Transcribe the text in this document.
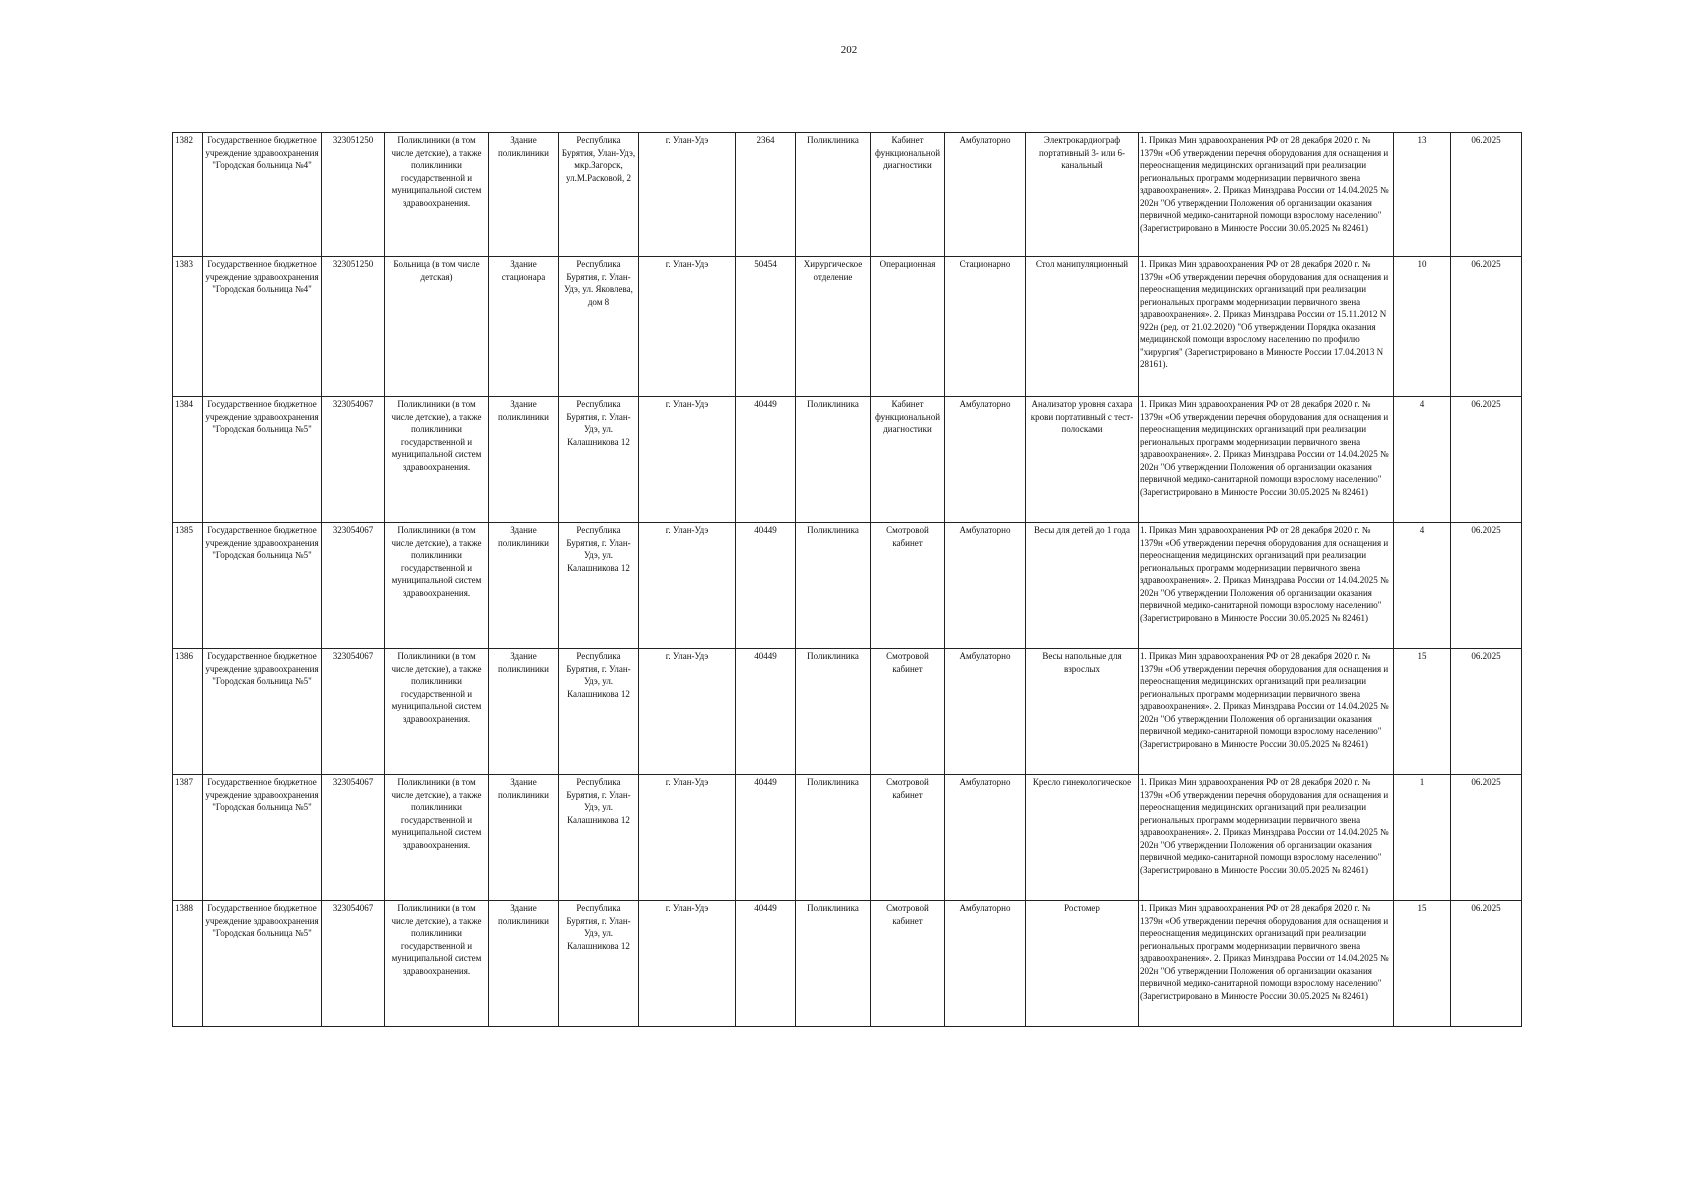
202
1382	Государственное бюджетное учреждение здравоохранения "Городская больница №4"	323051250	Поликлиники (в том числе детские), а также поликлиники государственной и муниципальной систем здравоохранения.	Здание поликлиники	Республика Бурятия, Улан-Удэ, мкр.Загорск, ул.М.Расковой, 2	г. Улан-Удэ	2364	Поликлиника	Кабинет функциональной диагностики	Амбулаторно	Электрокардиограф портативный 3- или 6-канальный	1. Приказ Мин здравоохранения РФ от 28 декабря 2020 г. № 1379н «Об утверждении перечня оборудования для оснащения и переоснащения медицинских организаций при реализации региональных программ модернизации первичного звена здравоохранения». 2. Приказ Минздрава России от 14.04.2025 № 202н "Об утверждении Положения об организации оказания первичной медико-санитарной помощи взрослому населению" (Зарегистрировано в Минюсте России 30.05.2025 № 82461)	13	06.2025
1383	Государственное бюджетное учреждение здравоохранения "Городская больница №4"	323051250	Больница (в том числе детская)	Здание стационара	Республика Бурятия, г. Улан-Удэ, ул. Яковлева, дом 8	г. Улан-Удэ	50454	Хирургическое отделение	Операционная	Стационарно	Стол манипуляционный	1. Приказ Мин здравоохранения РФ от 28 декабря 2020 г. № 1379н «Об утверждении перечня оборудования для оснащения и переоснащения медицинских организаций при реализации региональных программ модернизации первичного звена здравоохранения». 2. Приказ Минздрава России от 15.11.2012 N 922н (ред. от 21.02.2020) "Об утверждении Порядка оказания медицинской помощи взрослому населению по профилю "хирургия" (Зарегистрировано в Минюсте России 17.04.2013 N 28161).	10	06.2025
1384	Государственное бюджетное учреждение здравоохранения "Городская больница №5"	323054067	Поликлиники (в том числе детские), а также поликлиники государственной и муниципальной систем здравоохранения.	Здание поликлиники	Республика Бурятия, г. Улан-Удэ, ул. Калашникова 12	г. Улан-Удэ	40449	Поликлиника	Кабинет функциональной диагностики	Амбулаторно	Анализатор уровня сахара крови портативный с тест-полосками	1. Приказ Мин здравоохранения РФ от 28 декабря 2020 г. № 1379н «Об утверждении перечня оборудования для оснащения и переоснащения медицинских организаций при реализации региональных программ модернизации первичного звена здравоохранения». 2. Приказ Минздрава России от 14.04.2025 № 202н "Об утверждении Положения об организации оказания первичной медико-санитарной помощи взрослому населению" (Зарегистрировано в Минюсте России 30.05.2025 № 82461)	4	06.2025
1385	Государственное бюджетное учреждение здравоохранения "Городская больница №5"	323054067	Поликлиники (в том числе детские), а также поликлиники государственной и муниципальной систем здравоохранения.	Здание поликлиники	Республика Бурятия, г. Улан-Удэ, ул. Калашникова 12	г. Улан-Удэ	40449	Поликлиника	Смотровой кабинет	Амбулаторно	Весы для детей до 1 года	1. Приказ Мин здравоохранения РФ от 28 декабря 2020 г. № 1379н «Об утверждении перечня оборудования для оснащения и переоснащения медицинских организаций при реализации региональных программ модернизации первичного звена здравоохранения». 2. Приказ Минздрава России от 14.04.2025 № 202н "Об утверждении Положения об организации оказания первичной медико-санитарной помощи взрослому населению" (Зарегистрировано в Минюсте России 30.05.2025 № 82461)	4	06.2025
1386	Государственное бюджетное учреждение здравоохранения "Городская больница №5"	323054067	Поликлиники (в том числе детские), а также поликлиники государственной и муниципальной систем здравоохранения.	Здание поликлиники	Республика Бурятия, г. Улан-Удэ, ул. Калашникова 12	г. Улан-Удэ	40449	Поликлиника	Смотровой кабинет	Амбулаторно	Весы напольные для взрослых	1. Приказ Мин здравоохранения РФ от 28 декабря 2020 г. № 1379н «Об утверждении перечня оборудования для оснащения и переоснащения медицинских организаций при реализации региональных программ модернизации первичного звена здравоохранения». 2. Приказ Минздрава России от 14.04.2025 № 202н "Об утверждении Положения об организации оказания первичной медико-санитарной помощи взрослому населению" (Зарегистрировано в Минюсте России 30.05.2025 № 82461)	15	06.2025
1387	Государственное бюджетное учреждение здравоохранения "Городская больница №5"	323054067	Поликлиники (в том числе детские), а также поликлиники государственной и муниципальной систем здравоохранения.	Здание поликлиники	Республика Бурятия, г. Улан-Удэ, ул. Калашникова 12	г. Улан-Удэ	40449	Поликлиника	Смотровой кабинет	Амбулаторно	Кресло гинекологическое	1. Приказ Мин здравоохранения РФ от 28 декабря 2020 г. № 1379н «Об утверждении перечня оборудования для оснащения и переоснащения медицинских организаций при реализации региональных программ модернизации первичного звена здравоохранения». 2. Приказ Минздрава России от 14.04.2025 № 202н "Об утверждении Положения об организации оказания первичной медико-санитарной помощи взрослому населению" (Зарегистрировано в Минюсте России 30.05.2025 № 82461)	1	06.2025
1388	Государственное бюджетное учреждение здравоохранения "Городская больница №5"	323054067	Поликлиники (в том числе детские), а также поликлиники государственной и муниципальной систем здравоохранения.	Здание поликлиники	Республика Бурятия, г. Улан-Удэ, ул. Калашникова 12	г. Улан-Удэ	40449	Поликлиника	Смотровой кабинет	Амбулаторно	Ростомер	1. Приказ Мин здравоохранения РФ от 28 декабря 2020 г. № 1379н «Об утверждении перечня оборудования для оснащения и переоснащения медицинских организаций при реализации региональных программ модернизации первичного звена здравоохранения». 2. Приказ Минздрава России от 14.04.2025 № 202н "Об утверждении Положения об организации оказания первичной медико-санитарной помощи взрослому населению" (Зарегистрировано в Минюсте России 30.05.2025 № 82461)	15	06.2025
